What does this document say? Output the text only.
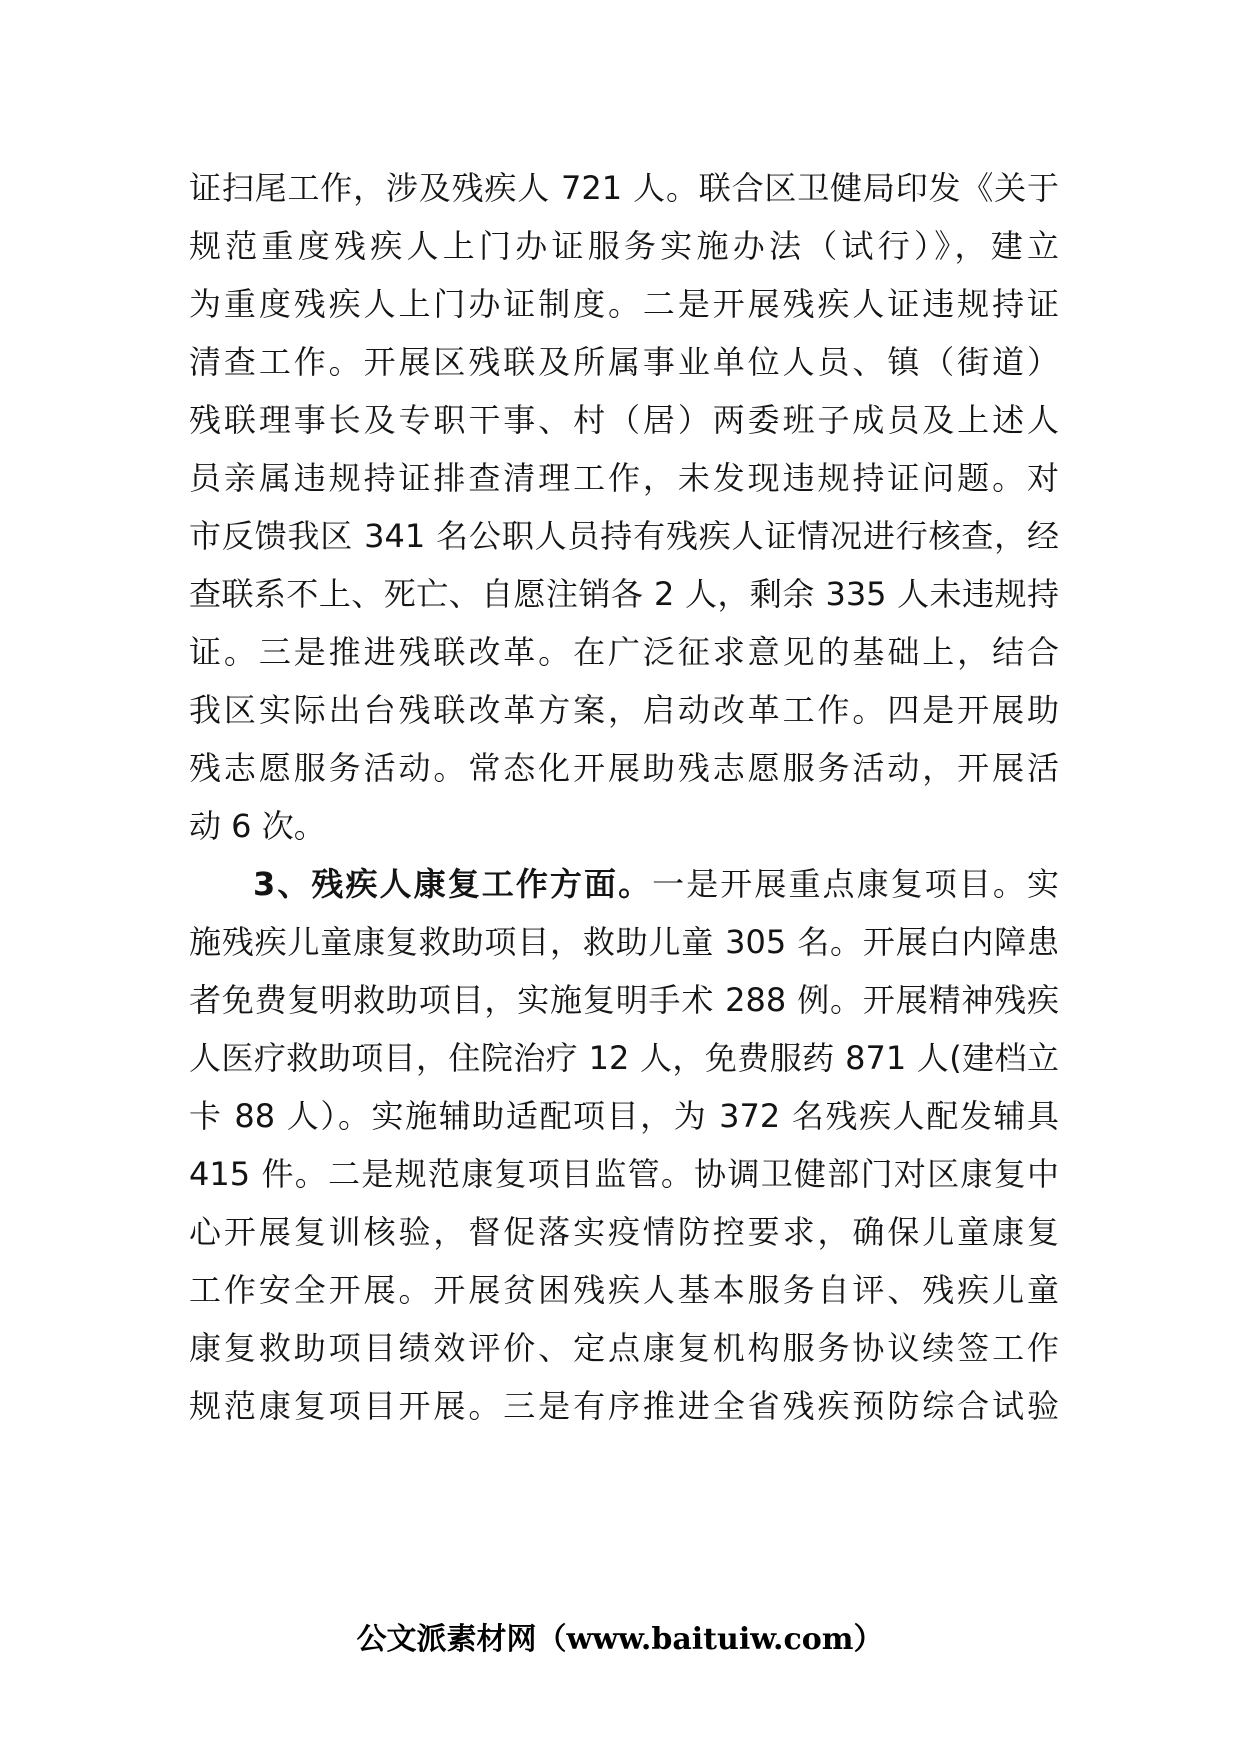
证扫尾工作，涉及残疾人 721 人。联合区卫健局印发《关于
规范重度残疾人上门办证服务实施办法（试行）》，建立
为重度残疾人上门办证制度。二是开展残疾人证违规持证
清查工作。开展区残联及所属事业单位人员、镇（街道）
残联理事长及专职干事、村（居）两委班子成员及上述人
员亲属违规持证排查清理工作，未发现违规持证问题。对
市反馈我区 341 名公职人员持有残疾人证情况进行核查，经
查联系不上、死亡、自愿注销各 2 人，剩余 335 人未违规持
证。三是推进残联改革。在广泛征求意见的基础上，结合
我区实际出台残联改革方案，启动改革工作。四是开展助
残志愿服务活动。常态化开展助残志愿服务活动，开展活
动 6 次。
3、残疾人康复工作方面。一是开展重点康复项目。实
施残疾儿童康复救助项目，救助儿童 305 名。开展白内障患
者免费复明救助项目，实施复明手术 288 例。开展精神残疾
人医疗救助项目，住院治疗 12 人，免费服药 871 人(建档立
卡 88 人）。实施辅助适配项目，为 372 名残疾人配发辅具
415 件。二是规范康复项目监管。协调卫健部门对区康复中
心开展复训核验，督促落实疫情防控要求，确保儿童康复
工作安全开展。开展贫困残疾人基本服务自评、残疾儿童
康复救助项目绩效评价、定点康复机构服务协议续签工作
规范康复项目开展。三是有序推进全省残疾预防综合试验
公文派素材网（www.baituiw.com）
